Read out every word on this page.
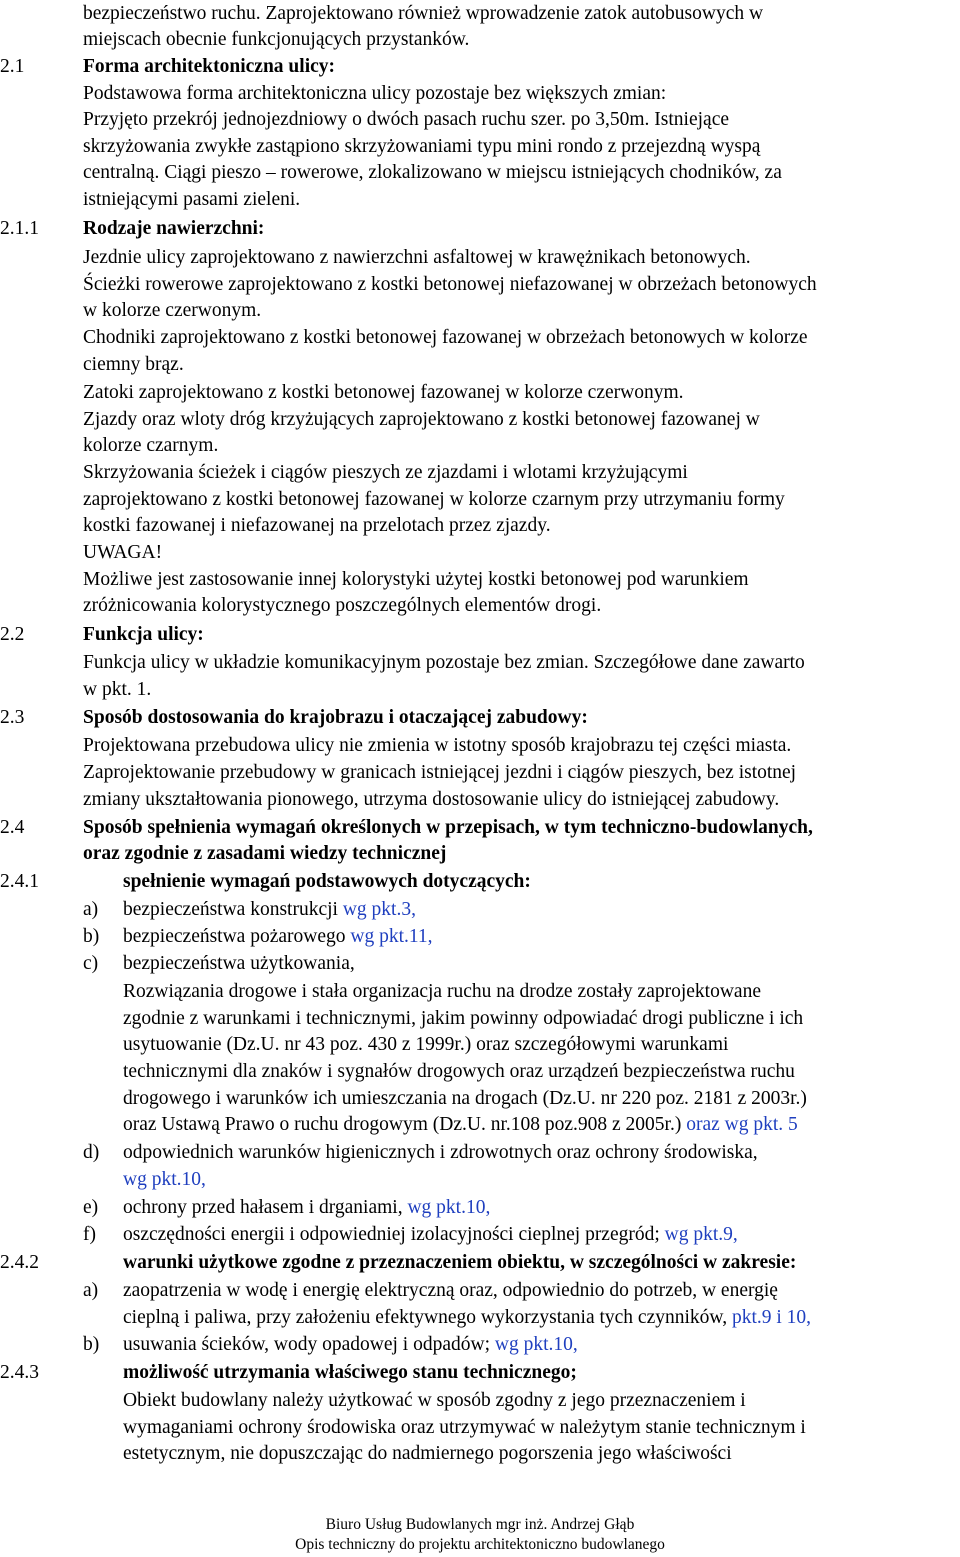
bezpieczeństwo ruchu. Zaprojektowano również wprowadzenie zatok autobusowych w
miejscach obecnie funkcjonujących przystanków.
2.1	Forma architektoniczna ulicy:
Podstawowa forma architektoniczna ulicy pozostaje bez większych zmian:
Przyjęto przekrój jednojezdniowy o dwóch pasach ruchu szer. po 3,50m. Istniejące
skrzyżowania zwykłe zastąpiono skrzyżowaniami typu mini rondo z przejezdną wyspą
centralną. Ciągi pieszo – rowerowe, zlokalizowano w miejscu istniejących chodników, za
istniejącymi pasami zieleni.
2.1.1 Rodzaje nawierzchni:
Jezdnie ulicy zaprojektowano z nawierzchni asfaltowej w krawężnikach betonowych.
Ścieżki rowerowe zaprojektowano z kostki betonowej niefazowanej w obrzeżach betonowych
w kolorze czerwonym.
Chodniki zaprojektowano z kostki betonowej fazowanej w obrzeżach betonowych w kolorze
ciemny brąz.
Zatoki zaprojektowano z kostki betonowej fazowanej w kolorze czerwonym.
Zjazdy oraz wloty dróg krzyżujących zaprojektowano z kostki betonowej fazowanej w
kolorze czarnym.
Skrzyżowania ścieżek i ciągów pieszych ze zjazdami i wlotami krzyżującymi
zaprojektowano z kostki betonowej fazowanej w kolorze czarnym przy utrzymaniu formy
kostki fazowanej i niefazowanej na przelotach przez zjazdy.
UWAGA!
Możliwe jest zastosowanie innej kolorystyki użytej kostki betonowej pod warunkiem
zróżnicowania kolorystycznego poszczególnych elementów drogi.
2.2	Funkcja ulicy:
Funkcja ulicy w układzie komunikacyjnym pozostaje bez zmian. Szczegółowe dane zawarto
w pkt. 1.
2.3	Sposób dostosowania do krajobrazu i otaczającej zabudowy:
Projektowana przebudowa ulicy nie zmienia w istotny sposób krajobrazu tej części miasta.
Zaprojektowanie przebudowy w granicach istniejącej jezdni i ciągów pieszych, bez istotnej
zmiany ukształtowania pionowego, utrzyma dostosowanie ulicy do istniejącej zabudowy.
2.4	Sposób spełnienia wymagań określonych w przepisach, w tym techniczno-budowlanych,
oraz zgodnie z zasadami wiedzy technicznej
2.4.1	spełnienie wymagań podstawowych dotyczących:
a) bezpieczeństwa konstrukcji wg pkt.3,
b) bezpieczeństwa pożarowego wg pkt.11,
c) bezpieczeństwa użytkowania,
Rozwiązania drogowe i stała organizacja ruchu na drodze zostały zaprojektowane
zgodnie z warunkami i technicznymi, jakim powinny odpowiadać drogi publiczne i ich
usytuowanie (Dz.U. nr 43 poz. 430 z 1999r.) oraz szczegółowymi warunkami
technicznymi dla znaków i sygnałów drogowych oraz urządzeń bezpieczeństwa ruchu
drogowego i warunków ich umieszczania na drogach (Dz.U. nr 220 poz. 2181 z 2003r.)
oraz Ustawą Prawo o ruchu drogowym (Dz.U. nr.108 poz.908 z 2005r.) oraz wg pkt. 5
d) odpowiednich warunków higienicznych i zdrowotnych oraz ochrony środowiska,
wg pkt.10,
e) ochrony przed hałasem i drganiami, wg pkt.10,
f) oszczędności energii i odpowiedniej izolacyjności cieplnej przegród; wg pkt.9,
2.4.2	warunki użytkowe zgodne z przeznaczeniem obiektu, w szczególności w zakresie:
a) zaopatrzenia w wodę i energię elektryczną oraz, odpowiednio do potrzeb, w energię
cieplną i paliwa, przy założeniu efektywnego wykorzystania tych czynników, pkt.9 i 10,
b) usuwania ścieków, wody opadowej i odpadów; wg pkt.10,
2.4.3	możliwość utrzymania właściwego stanu technicznego;
Obiekt budowlany należy użytkować w sposób zgodny z jego przeznaczeniem i
wymaganiami ochrony środowiska oraz utrzymywać w należytym stanie technicznym i
estetycznym, nie dopuszczając do nadmiernego pogorszenia jego właściwości
Biuro Usług Budowlanych mgr inż. Andrzej Głąb
Opis techniczny do projektu architektoniczno budowlanego
